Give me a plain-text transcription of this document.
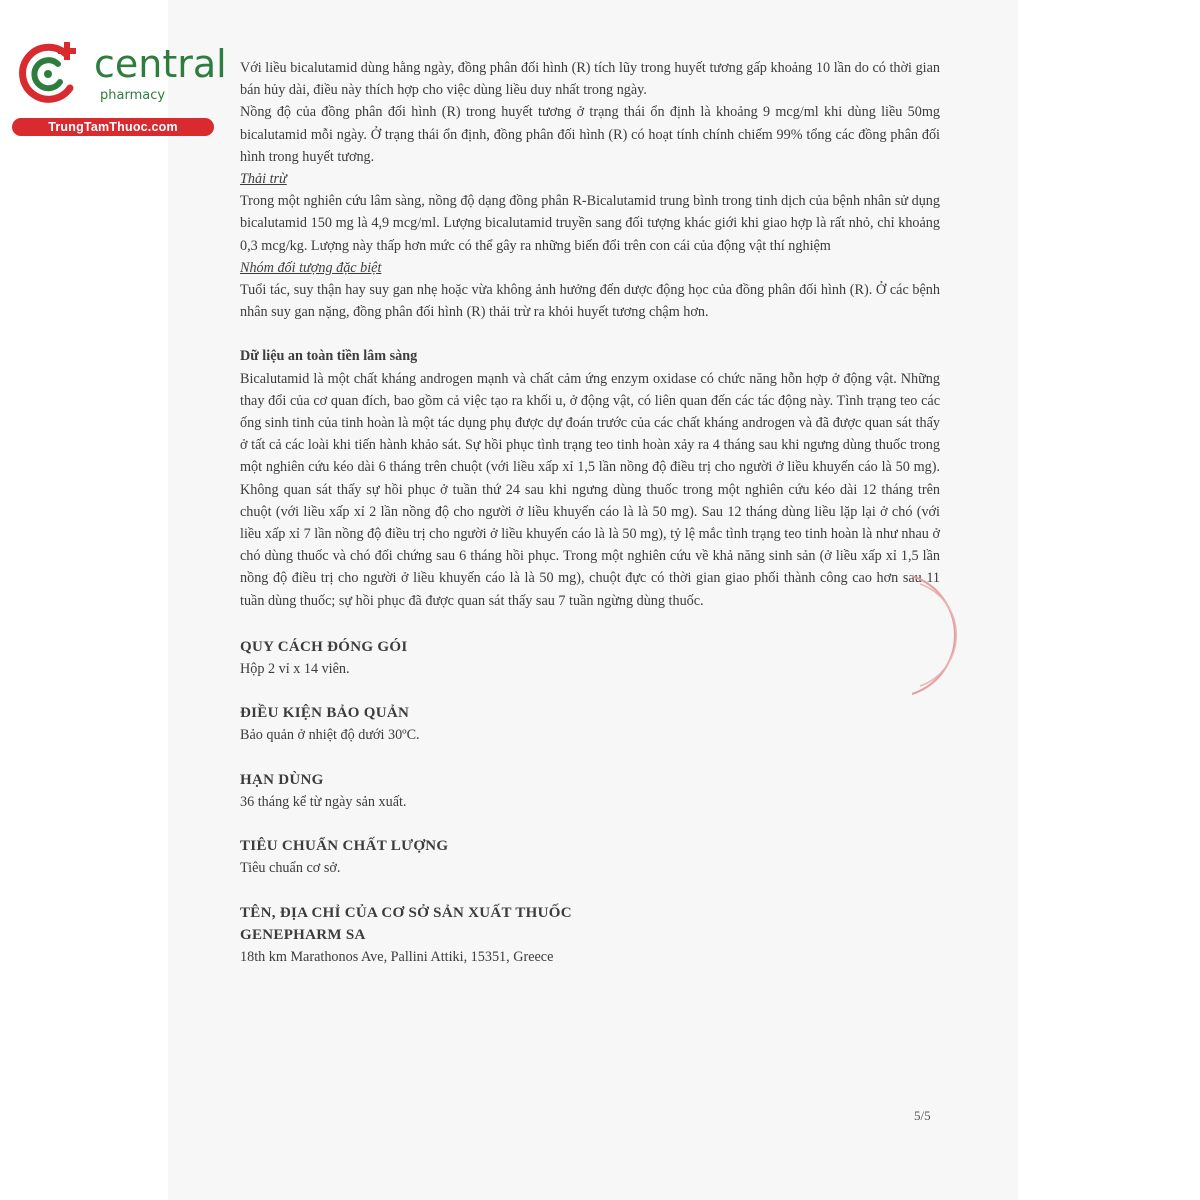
central
pharmacy
TrungTamThuoc.com

Với liều bicalutamid dùng hằng ngày, đồng phân đối hình (R) tích lũy trong huyết tương gấp khoảng 10 lần do có thời gian bán hủy dài, điều này thích hợp cho việc dùng liều duy nhất trong ngày.

Nồng độ của đồng phân đối hình (R) trong huyết tương ở trạng thái ổn định là khoảng 9 mcg/ml khi dùng liều 50mg bicalutamid mỗi ngày. Ở trạng thái ổn định, đồng phân đối hình (R) có hoạt tính chính chiếm 99% tổng các đồng phân đối hình trong huyết tương.

Thải trừ

Trong một nghiên cứu lâm sàng, nồng độ dạng đồng phân R-Bicalutamid trung bình trong tinh dịch của bệnh nhân sử dụng bicalutamid 150 mg là 4,9 mcg/ml. Lượng bicalutamid truyền sang đối tượng khác giới khi giao hợp là rất nhỏ, chỉ khoảng 0,3 mcg/kg. Lượng này thấp hơn mức có thể gây ra những biến đổi trên con cái của động vật thí nghiệm

Nhóm đối tượng đặc biệt

Tuổi tác, suy thận hay suy gan nhẹ hoặc vừa không ảnh hưởng đến dược động học của đồng phân đối hình (R). Ở các bệnh nhân suy gan nặng, đồng phân đối hình (R) thải trừ ra khỏi huyết tương chậm hơn.

Dữ liệu an toàn tiền lâm sàng

Bicalutamid là một chất kháng androgen mạnh và chất cảm ứng enzym oxidase có chức năng hỗn hợp ở động vật. Những thay đổi của cơ quan đích, bao gồm cả việc tạo ra khối u, ở động vật, có liên quan đến các tác động này. Tình trạng teo các ống sinh tinh của tinh hoàn là một tác dụng phụ được dự đoán trước của các chất kháng androgen và đã được quan sát thấy ở tất cả các loài khi tiến hành khảo sát. Sự hồi phục tình trạng teo tinh hoàn xảy ra 4 tháng sau khi ngưng dùng thuốc trong một nghiên cứu kéo dài 6 tháng trên chuột (với liều xấp xỉ 1,5 lần nồng độ điều trị cho người ở liều khuyến cáo là 50 mg). Không quan sát thấy sự hồi phục ở tuần thứ 24 sau khi ngưng dùng thuốc trong một nghiên cứu kéo dài 12 tháng trên chuột (với liều xấp xỉ 2 lần nồng độ cho người ở liều khuyến cáo là là 50 mg). Sau 12 tháng dùng liều lặp lại ở chó (với liều xấp xỉ 7 lần nồng độ điều trị cho người ở liều khuyến cáo là là 50 mg), tỷ lệ mắc tình trạng teo tinh hoàn là như nhau ở chó dùng thuốc và chó đối chứng sau 6 tháng hồi phục. Trong một nghiên cứu về khả năng sinh sản (ở liều xấp xỉ 1,5 lần nồng độ điều trị cho người ở liều khuyến cáo là là 50 mg), chuột đực có thời gian giao phối thành công cao hơn sau 11 tuần dùng thuốc; sự hồi phục đã được quan sát thấy sau 7 tuần ngừng dùng thuốc.

QUY CÁCH ĐÓNG GÓI

Hộp 2 vỉ x 14 viên.

ĐIỀU KIỆN BẢO QUẢN

Bảo quản ở nhiệt độ dưới 30ºC.

HẠN DÙNG

36 tháng kể từ ngày sản xuất.

TIÊU CHUẨN CHẤT LƯỢNG

Tiêu chuẩn cơ sở.

TÊN, ĐỊA CHỈ CỦA CƠ SỞ SẢN XUẤT THUỐC

GENEPHARM SA

18th km Marathonos Ave, Pallini Attiki, 15351, Greece

5/5
